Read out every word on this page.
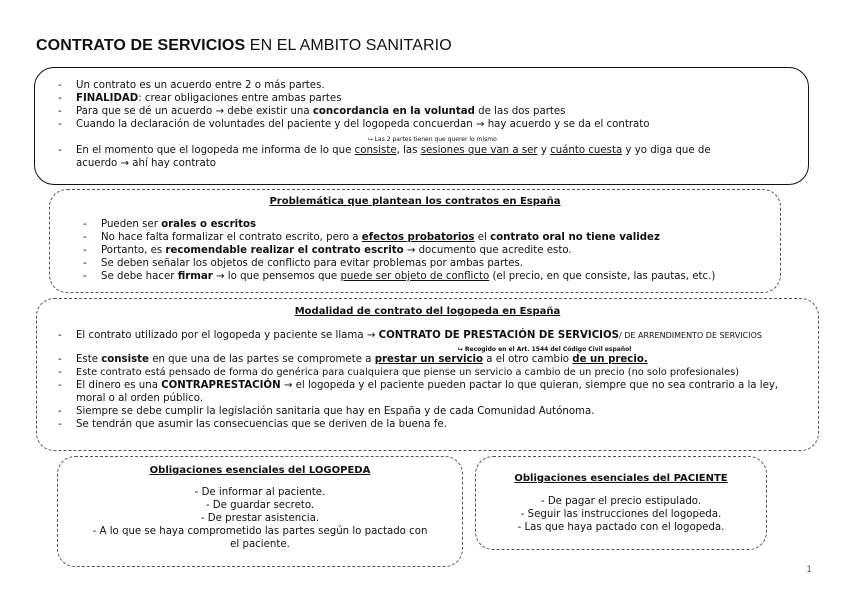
CONTRATO DE SERVICIOS EN EL AMBITO SANITARIO
- Un contrato es un acuerdo entre 2 o más partes.
- FINALIDAD: crear obligaciones entre ambas partes
- Para que se dé un acuerdo → debe existir una concordancia en la voluntad de las dos partes
- Cuando la declaración de voluntades del paciente y del logopeda concuerdan → hay acuerdo y se da el contrato
⮡ Las 2 partes tienen que querer lo mismo
- En el momento que el logopeda me informa de lo que consiste, las sesiones que van a ser y cuánto cuesta y yo diga que de
acuerdo → ahí hay contrato
Problemática que plantean los contratos en España
- Pueden ser orales o escritos
- No hace falta formalizar el contrato escrito, pero a efectos probatorios el contrato oral no tiene validez
- Portanto, es recomendable realizar el contrato escrito → documento que acredite esto.
- Se deben señalar los objetos de conflicto para evitar problemas por ambas partes.
- Se debe hacer firmar → lo que pensemos que puede ser objeto de conflicto (el precio, en que consiste, las pautas, etc.)
Modalidad de contrato del logopeda en España
- El contrato utilizado por el logopeda y paciente se llama → CONTRATO DE PRESTACIÓN DE SERVICIOS/ DE ARRENDIMENTO DE SERVICIOS
⮡ Recogido en el Art. 1544 del Código Civil español
- Este consiste en que una de las partes se compromete a prestar un servicio a el otro cambio de un precio.
- Este contrato está pensado de forma do genérica para cualquiera que piense un servicio a cambio de un precio (no solo profesionales)
- El dinero es una CONTRAPRESTACIÓN → el logopeda y el paciente pueden pactar lo que quieran, siempre que no sea contrario a la ley,
moral o al orden público.
- Siempre se debe cumplir la legislación sanitaria que hay en España y de cada Comunidad Autónoma.
- Se tendrán que asumir las consecuencias que se deriven de la buena fe.
Obligaciones esenciales del LOGOPEDA
- De informar al paciente.
- De guardar secreto.
- De prestar asistencia.
- A lo que se haya comprometido las partes según lo pactado con
el paciente.
Obligaciones esenciales del PACIENTE
- De pagar el precio estipulado.
- Seguir las instrucciones del logopeda.
- Las que haya pactado con el logopeda.
1
